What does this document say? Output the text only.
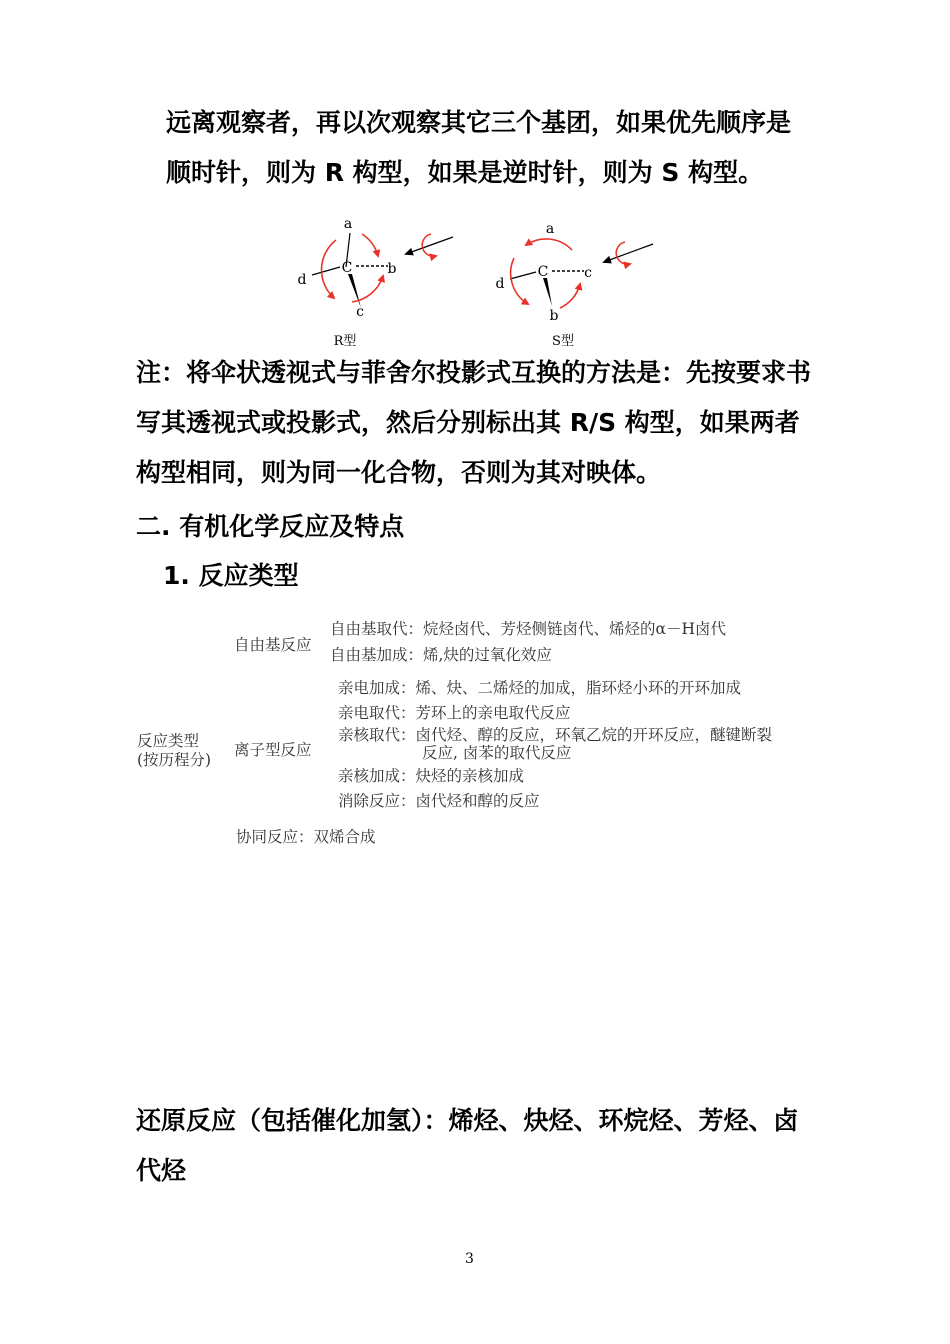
远离观察者，再以次观察其它三个基团，如果优先顺序是
顺时针，则为 R 构型，如果是逆时针，则为 S 构型。
a
C	b
d
c
R型
a
C	c
d
b
S型
注：将伞状透视式与菲舍尔投影式互换的方法是：先按要求书
写其透视式或投影式，然后分别标出其 R/S 构型，如果两者
构型相同，则为同一化合物，否则为其对映体。
二. 有机化学反应及特点
1. 反应类型
反应类型
(按历程分)
自由基反应
自由基取代：烷烃卤代、芳烃侧链卤代、烯烃的α－H卤代
自由基加成：烯,炔的过氧化效应
离子型反应
亲电加成：烯、炔、二烯烃的加成，脂环烃小环的开环加成
亲电取代：芳环上的亲电取代反应
亲核取代：卤代烃、醇的反应，环氧乙烷的开环反应，醚键断裂
反应, 卤苯的取代反应
亲核加成：炔烃的亲核加成
消除反应：卤代烃和醇的反应
协同反应：双烯合成
还原反应（包括催化加氢）：烯烃、炔烃、环烷烃、芳烃、卤
代烃
3
